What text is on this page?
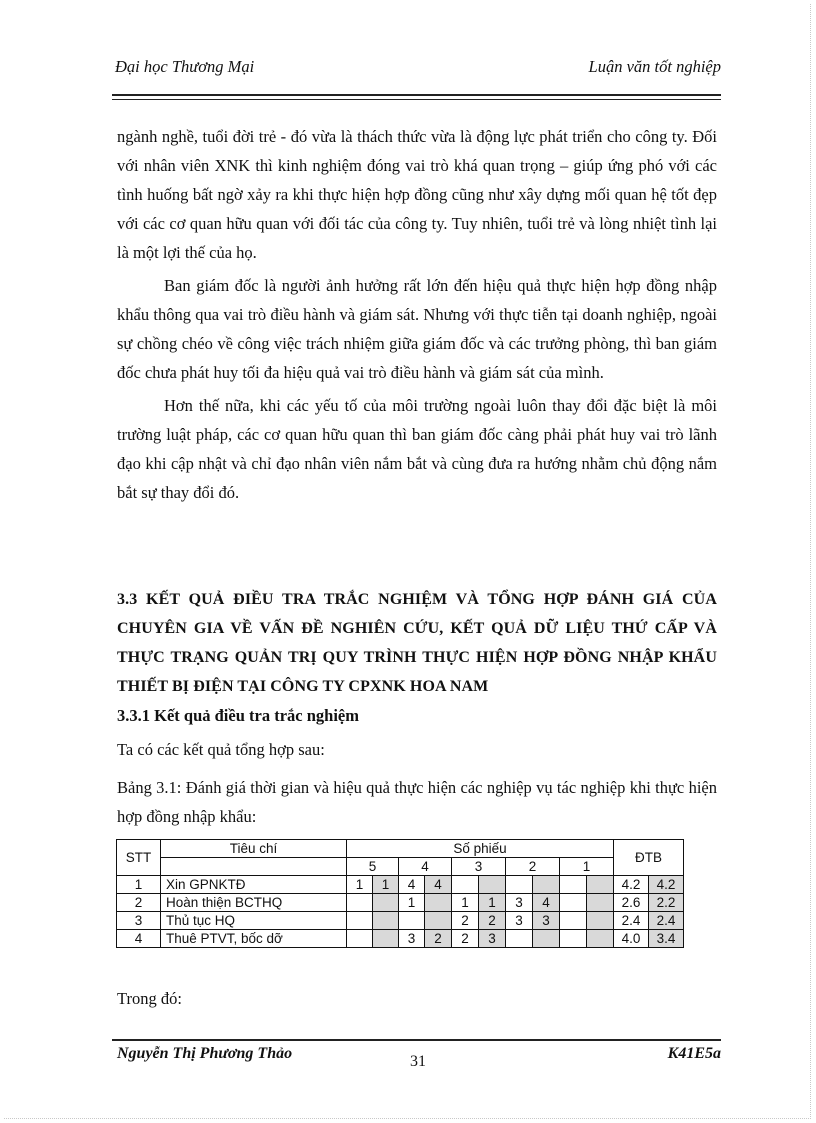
Đại học Thương Mại	Luận văn tốt nghiệp

ngành nghề, tuổi đời trẻ - đó vừa là thách thức vừa là động lực phát triển cho công ty. Đối với nhân viên XNK thì kinh nghiệm đóng vai trò khá quan trọng – giúp ứng phó với các tình huống bất ngờ xảy ra khi thực hiện hợp đồng cũng như xây dựng mối quan hệ tốt đẹp với các cơ quan hữu quan với đối tác của công ty. Tuy nhiên, tuổi trẻ và lòng nhiệt tình lại là một lợi thế của họ.

Ban giám đốc là người ảnh hưởng rất lớn đến hiệu quả thực hiện hợp đồng nhập khẩu thông qua vai trò điều hành và giám sát. Nhưng với thực tiễn tại doanh nghiệp, ngoài sự chồng chéo về công việc trách nhiệm giữa giám đốc và các trưởng phòng, thì ban giám đốc chưa phát huy tối đa hiệu quả vai trò điều hành và giám sát của mình.

Hơn thế nữa, khi các yếu tố của môi trường ngoài luôn thay đổi đặc biệt là môi trường luật pháp, các cơ quan hữu quan thì ban giám đốc càng phải phát huy vai trò lãnh đạo khi cập nhật và chỉ đạo nhân viên nắm bắt và cùng đưa ra hướng nhằm chủ động nắm bắt sự thay đổi đó.

3.3 KẾT QUẢ ĐIỀU TRA TRẮC NGHIỆM VÀ TỔNG HỢP ĐÁNH GIÁ CỦA CHUYÊN GIA VỀ VẤN ĐỀ NGHIÊN CỨU, KẾT QUẢ DỮ LIỆU THỨ CẤP VÀ THỰC TRẠNG QUẢN TRỊ QUY TRÌNH THỰC HIỆN HỢP ĐỒNG NHẬP KHẨU THIẾT BỊ ĐIỆN TẠI CÔNG TY CPXNK HOA NAM
3.3.1 Kết quả điều tra trắc nghiệm
Ta có các kết quả tổng hợp sau:
Bảng 3.1: Đánh giá thời gian và hiệu quả thực hiện các nghiệp vụ tác nghiệp khi thực hiện hợp đồng nhập khẩu:
STT	Tiêu chí	Số phiếu										ĐTB	
		5		4		3		2		1			
1	Xin GPNKTĐ	1	1	4	4							4.2	4.2
2	Hoàn thiện BCTHQ			1		1	1	3	4			2.6	2.2
3	Thủ tục HQ					2	2	3	3			2.4	2.4
4	Thuê PTVT, bốc dỡ			3	2	2	3					4.0	3.4
Trong đó:
Nguyễn Thị Phương Thảo	31	K41E5a
